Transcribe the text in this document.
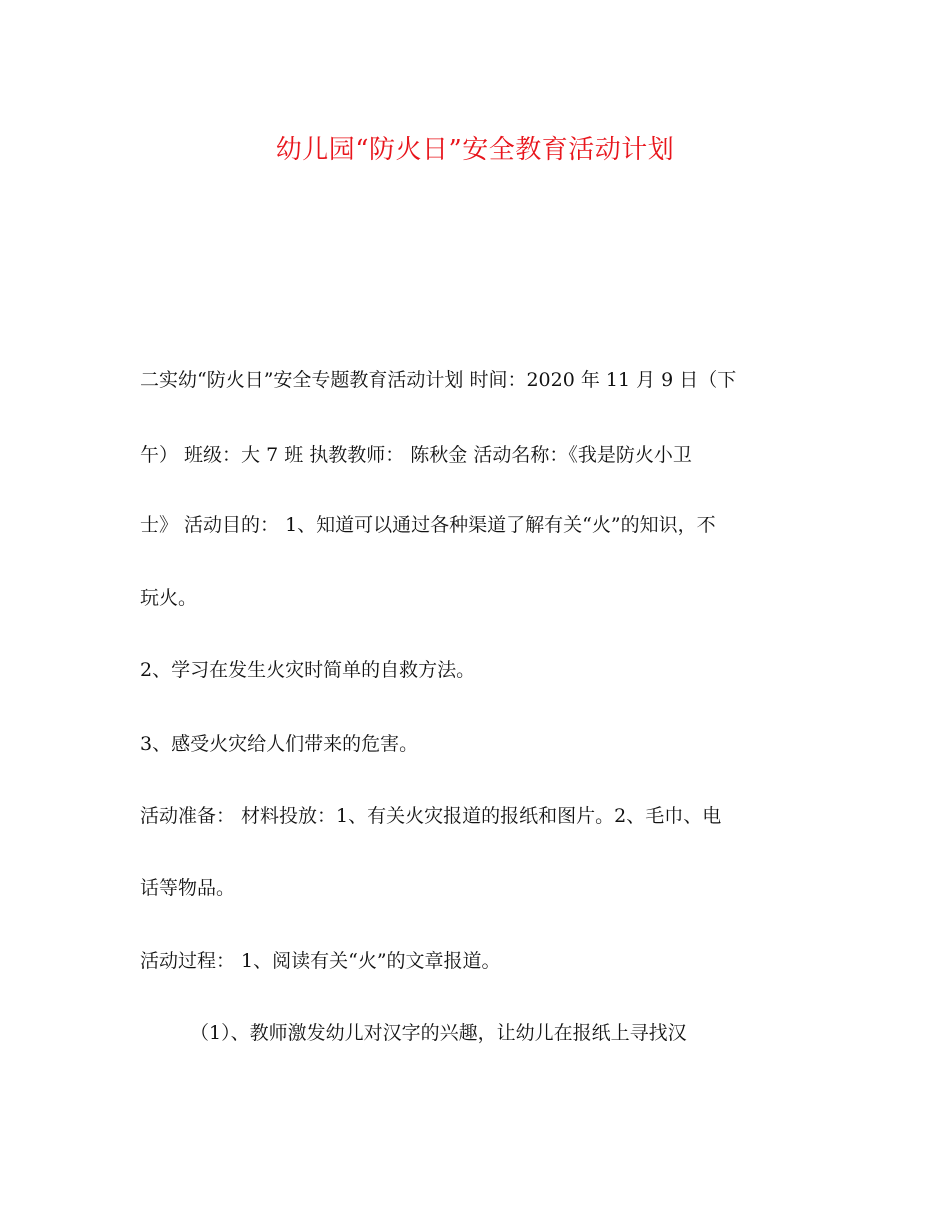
幼儿园“防火日”安全教育活动计划
二实幼“防火日”安全专题教育活动计划 时间：2020 年 11 月 9 日（下
午） 班级：大 7 班 执教教师： 陈秋金 活动名称：《我是防火小卫
士》 活动目的： 1、知道可以通过各种渠道了解有关“火”的知识，不
玩火。
2、学习在发生火灾时简单的自救方法。
3、感受火灾给人们带来的危害。
活动准备： 材料投放：1、有关火灾报道的报纸和图片。2、毛巾、电
话等物品。
活动过程： 1、阅读有关“火”的文章报道。
（1）、教师激发幼儿对汉字的兴趣，让幼儿在报纸上寻找汉
